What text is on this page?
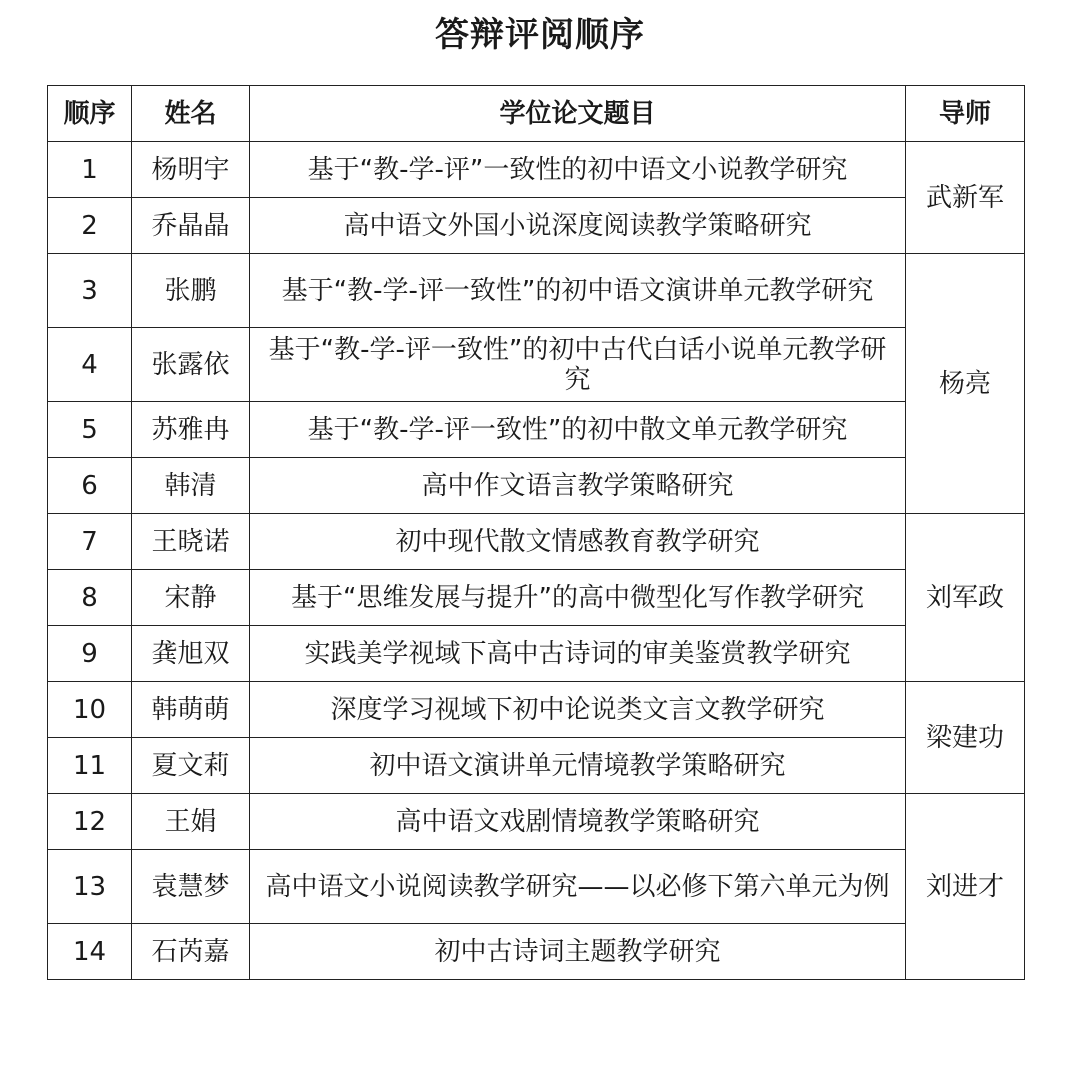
答辩评阅顺序
顺序	姓名	学位论文题目	导师
1	杨明宇	基于“教-学-评”一致性的初中语文小说教学研究	武新军
2	乔晶晶	高中语文外国小说深度阅读教学策略研究	
3	张鹏	基于“教-学-评一致性”的初中语文演讲单元教学研究	杨亮
4	张露依	基于“教-学-评一致性”的初中古代白话小说单元教学研究	
5	苏雅冉	基于“教-学-评一致性”的初中散文单元教学研究	
6	韩清	高中作文语言教学策略研究	
7	王晓诺	初中现代散文情感教育教学研究	刘军政
8	宋静	基于“思维发展与提升”的高中微型化写作教学研究	
9	龚旭双	实践美学视域下高中古诗词的审美鉴赏教学研究	
10	韩萌萌	深度学习视域下初中论说类文言文教学研究	梁建功
11	夏文莉	初中语文演讲单元情境教学策略研究	
12	王娟	高中语文戏剧情境教学策略研究	刘进才
13	袁慧梦	高中语文小说阅读教学研究——以必修下第六单元为例	
14	石芮嘉	初中古诗词主题教学研究	
